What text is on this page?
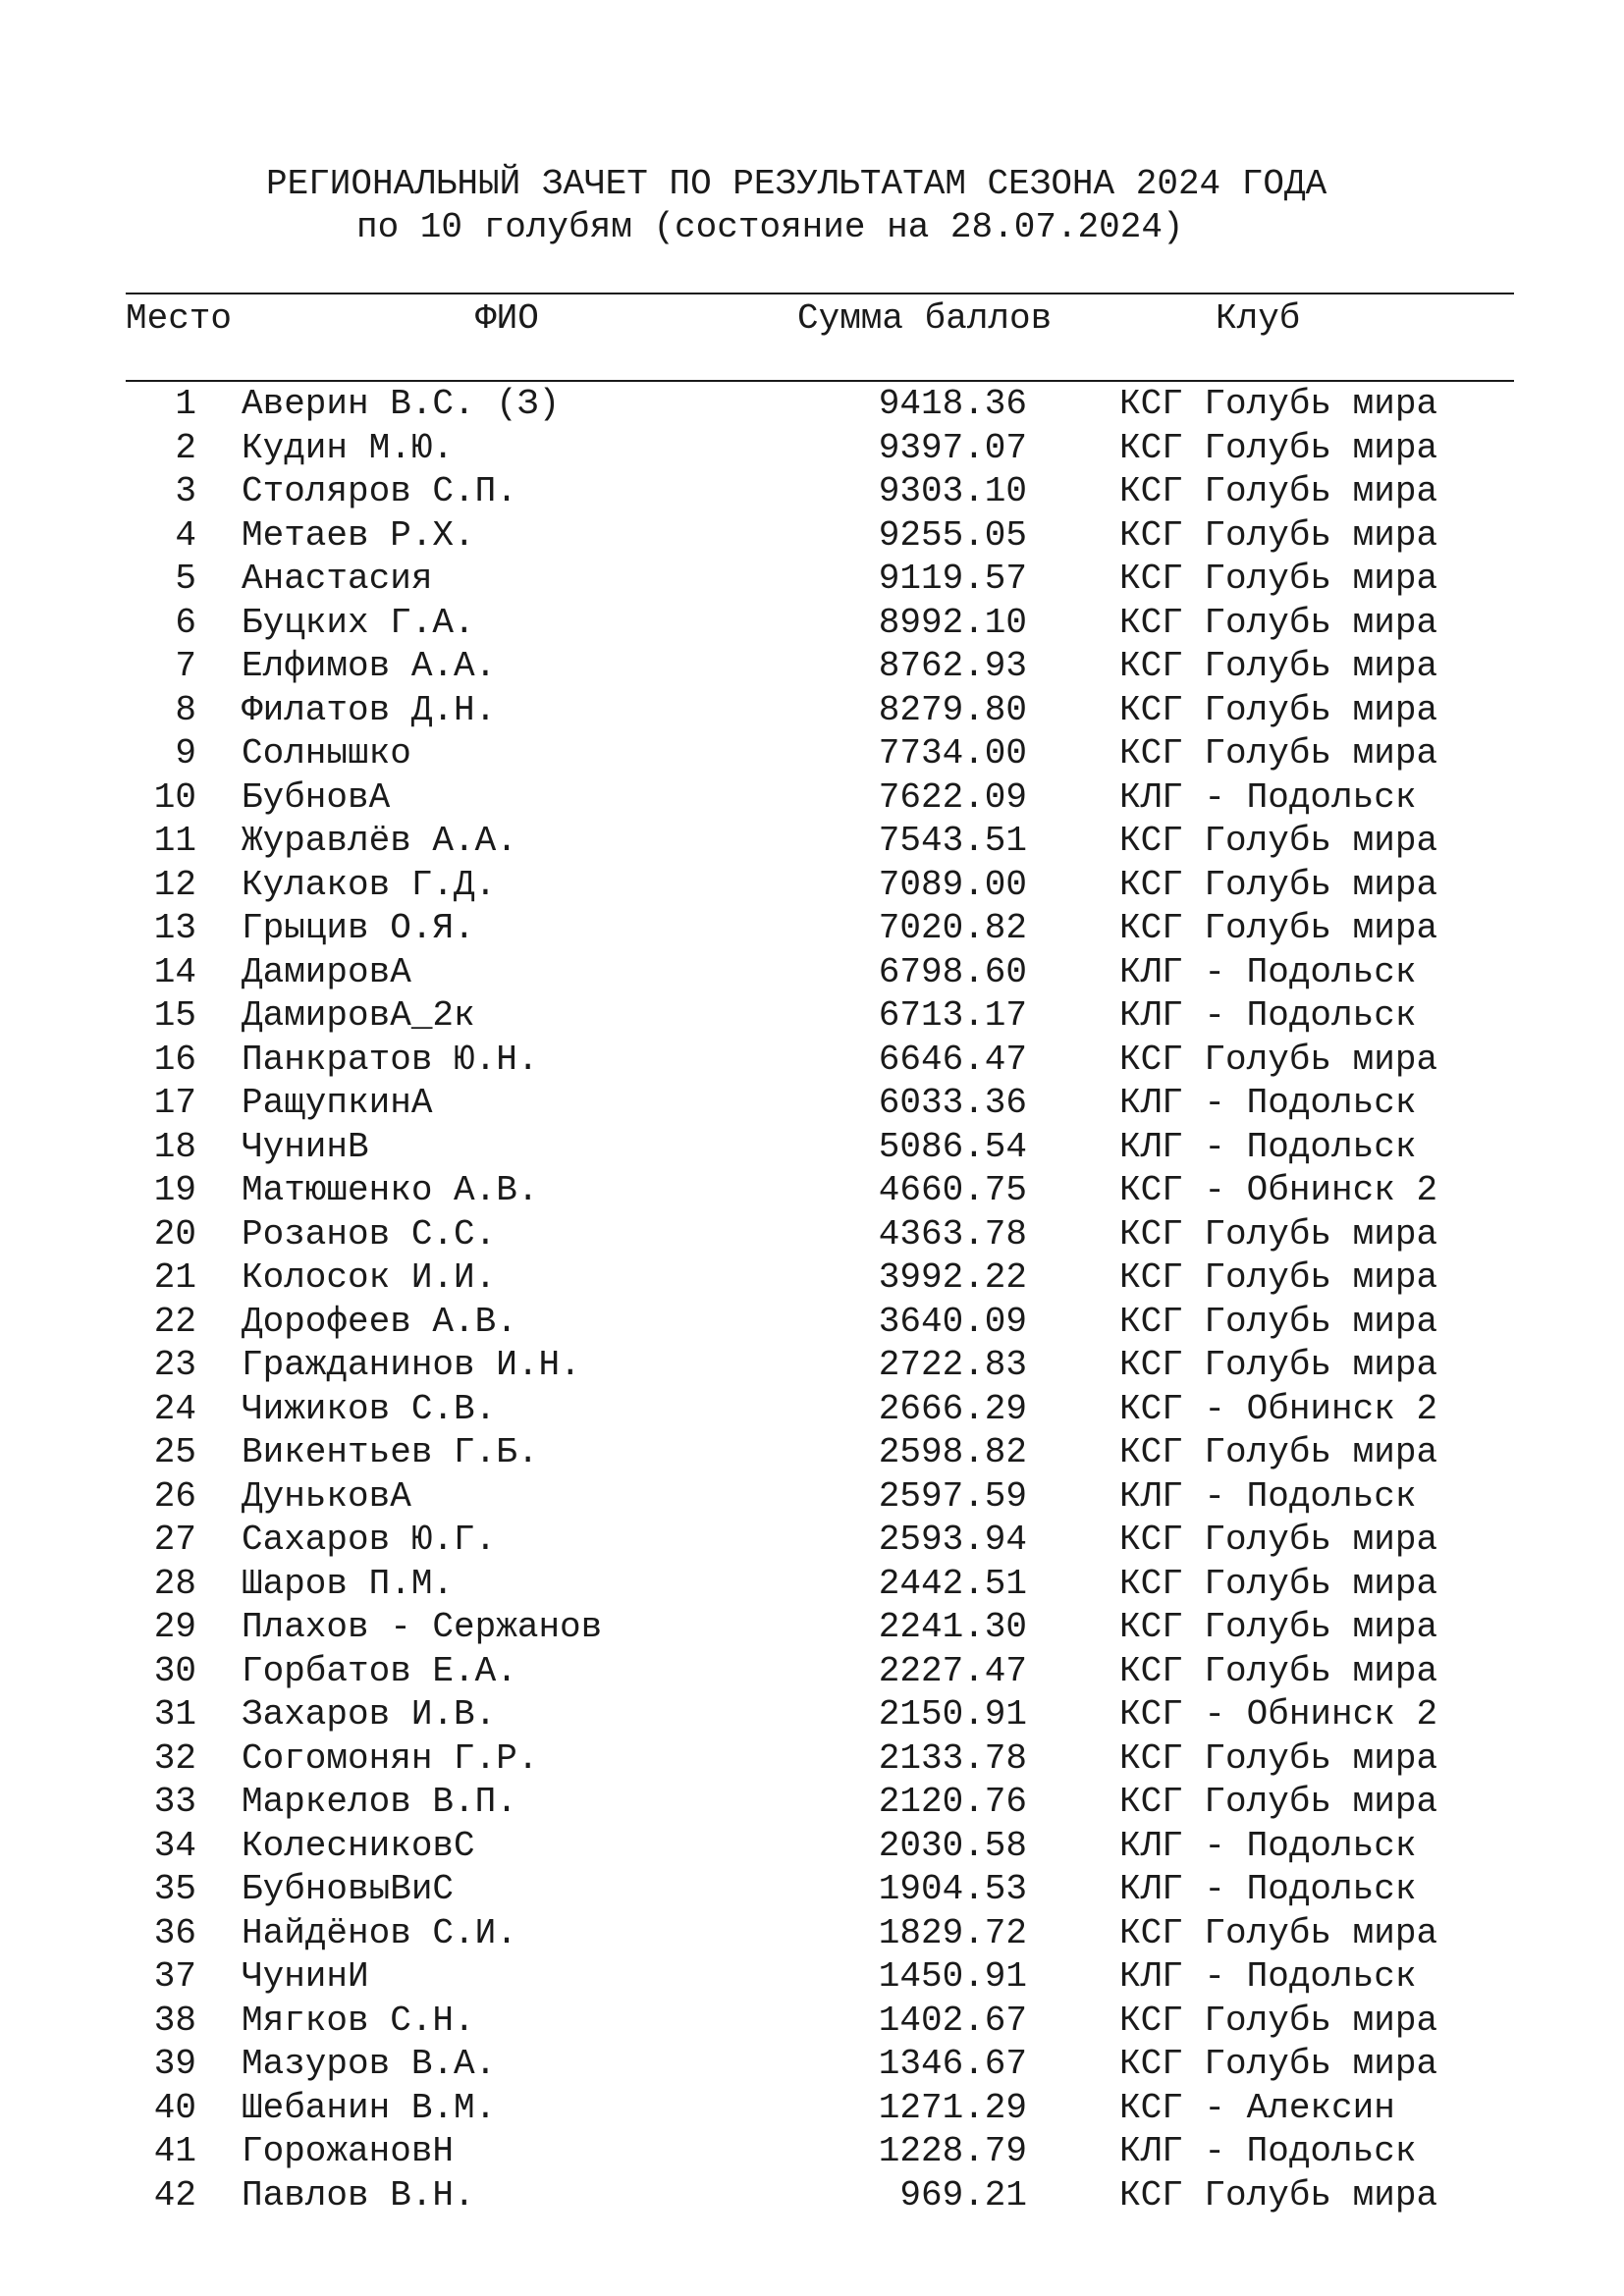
РЕГИОНАЛЬНЫЙ ЗАЧЕТ ПО РЕЗУЛЬТАТАМ СЕЗОНА 2024 ГОДА
по 10 голубям (состояние на 28.07.2024)
Место	ФИО	Сумма баллов	Клуб
1 Аверин В.С. (З)	9418.36	КСГ Голубь мира
2 Кудин М.Ю.	9397.07	КСГ Голубь мира
3 Столяров С.П.	9303.10	КСГ Голубь мира
4 Метаев Р.Х.	9255.05	КСГ Голубь мира
5 Анастасия	9119.57	КСГ Голубь мира
6 Буцких Г.А.	8992.10	КСГ Голубь мира
7 Елфимов А.А.	8762.93	КСГ Голубь мира
8 Филатов Д.Н.	8279.80	КСГ Голубь мира
9 Солнышко	7734.00	КСГ Голубь мира
10 БубновА	7622.09	КЛГ - Подольск
11 Журавлёв А.А.	7543.51	КСГ Голубь мира
12 Кулаков Г.Д.	7089.00	КСГ Голубь мира
13 Грыцив О.Я.	7020.82	КСГ Голубь мира
14 ДамировА	6798.60	КЛГ - Подольск
15 ДамировА_2к	6713.17	КЛГ - Подольск
16 Панкратов Ю.Н.	6646.47	КСГ Голубь мира
17 РащупкинА	6033.36	КЛГ - Подольск
18 ЧунинВ	5086.54	КЛГ - Подольск
19 Матюшенко А.В.	4660.75	КСГ - Обнинск 2
20 Розанов С.С.	4363.78	КСГ Голубь мира
21 Колосок И.И.	3992.22	КСГ Голубь мира
22 Дорофеев А.В.	3640.09	КСГ Голубь мира
23 Гражданинов И.Н.	2722.83	КСГ Голубь мира
24 Чижиков С.В.	2666.29	КСГ - Обнинск 2
25 Викентьев Г.Б.	2598.82	КСГ Голубь мира
26 ДуньковА	2597.59	КЛГ - Подольск
27 Сахаров Ю.Г.	2593.94	КСГ Голубь мира
28 Шаров П.М.	2442.51	КСГ Голубь мира
29 Плахов - Сержанов	2241.30	КСГ Голубь мира
30 Горбатов Е.А.	2227.47	КСГ Голубь мира
31 Захаров И.В.	2150.91	КСГ - Обнинск 2
32 Согомонян Г.Р.	2133.78	КСГ Голубь мира
33 Маркелов В.П.	2120.76	КСГ Голубь мира
34 КолесниковС	2030.58	КЛГ - Подольск
35 БубновыВиС	1904.53	КЛГ - Подольск
36 Найдёнов С.И.	1829.72	КСГ Голубь мира
37 ЧунинИ	1450.91	КЛГ - Подольск
38 Мягков С.Н.	1402.67	КСГ Голубь мира
39 Мазуров В.А.	1346.67	КСГ Голубь мира
40 Шебанин В.М.	1271.29	КСГ - Алексин
41 ГорожановН	1228.79	КЛГ - Подольск
42 Павлов В.Н.	969.21	КСГ Голубь мира
